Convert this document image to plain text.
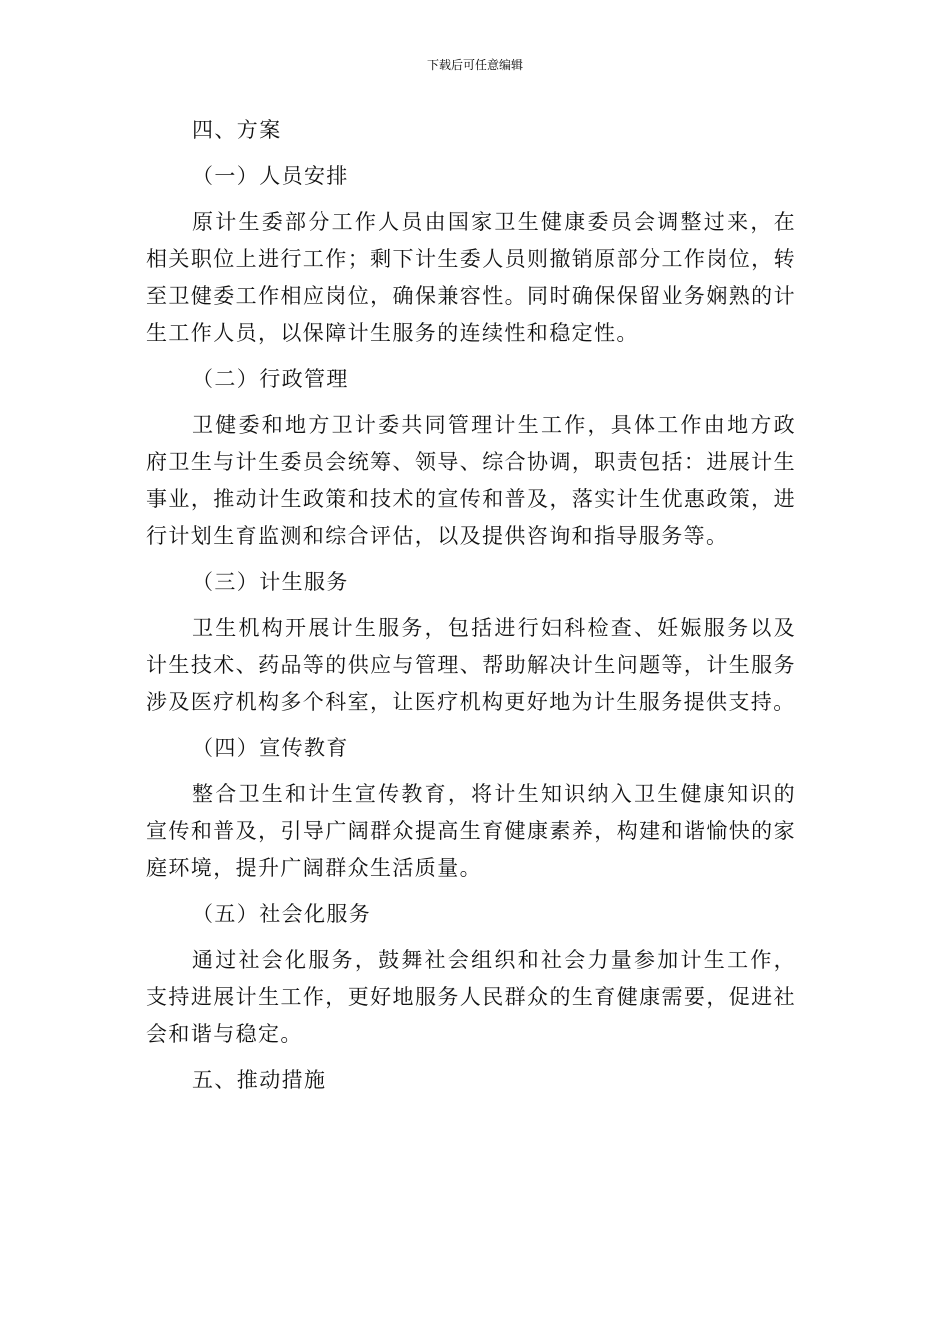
下载后可任意编辑

四、方案

（一）人员安排

原计生委部分工作人员由国家卫生健康委员会调整过来，在相关职位上进行工作；剩下计生委人员则撤销原部分工作岗位，转至卫健委工作相应岗位，确保兼容性。同时确保保留业务娴熟的计生工作人员，以保障计生服务的连续性和稳定性。

（二）行政管理

卫健委和地方卫计委共同管理计生工作，具体工作由地方政府卫生与计生委员会统筹、领导、综合协调，职责包括：进展计生事业，推动计生政策和技术的宣传和普及，落实计生优惠政策，进行计划生育监测和综合评估，以及提供咨询和指导服务等。

（三）计生服务

卫生机构开展计生服务，包括进行妇科检查、妊娠服务以及计生技术、药品等的供应与管理、帮助解决计生问题等，计生服务涉及医疗机构多个科室，让医疗机构更好地为计生服务提供支持。

（四）宣传教育

整合卫生和计生宣传教育，将计生知识纳入卫生健康知识的宣传和普及，引导广阔群众提高生育健康素养，构建和谐愉快的家庭环境，提升广阔群众生活质量。

（五）社会化服务

通过社会化服务，鼓舞社会组织和社会力量参加计生工作，支持进展计生工作，更好地服务人民群众的生育健康需要，促进社会和谐与稳定。

五、推动措施
